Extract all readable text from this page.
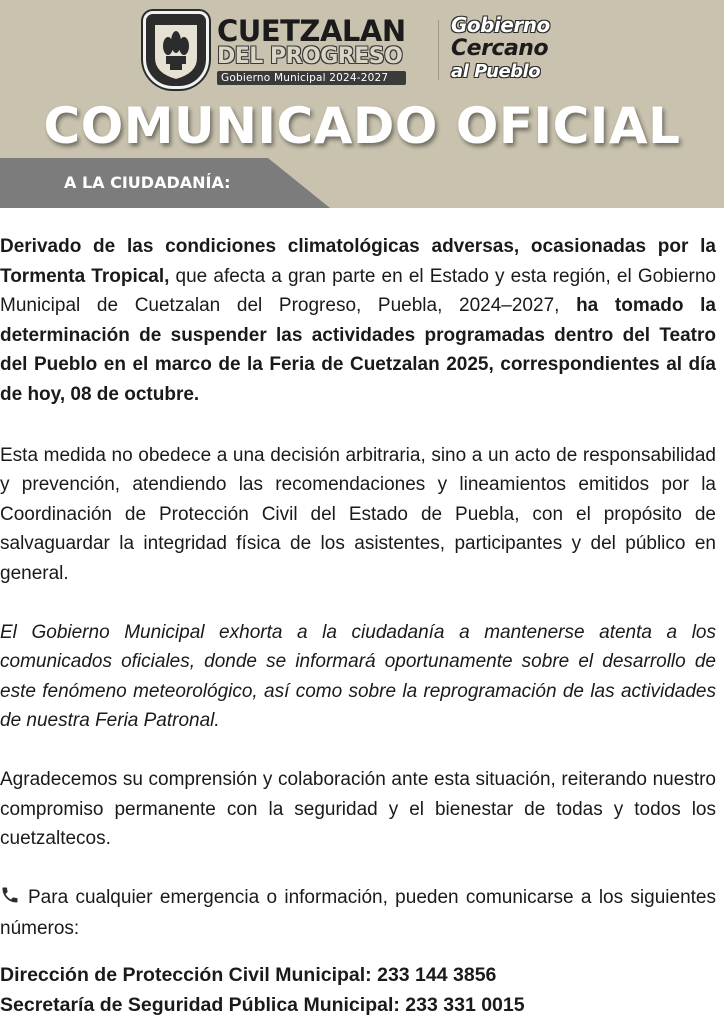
CUETZALAN
DEL PROGRESO
Gobierno Municipal 2024-2027
Gobierno
Cercano
al Pueblo
COMUNICADO OFICIAL
A LA CIUDADANÍA:

Derivado de las condiciones climatológicas adversas, ocasionadas por la Tormenta Tropical, que afecta a gran parte en el Estado y esta región, el Gobierno Municipal de Cuetzalan del Progreso, Puebla, 2024–2027, ha tomado la determinación de suspender las actividades programadas dentro del Teatro del Pueblo en el marco de la Feria de Cuetzalan 2025, correspondientes al día de hoy, 08 de octubre.

Esta medida no obedece a una decisión arbitraria, sino a un acto de responsabilidad y prevención, atendiendo las recomendaciones y lineamientos emitidos por la Coordinación de Protección Civil del Estado de Puebla, con el propósito de salvaguardar la integridad física de los asistentes, participantes y del público en general.

El Gobierno Municipal exhorta a la ciudadanía a mantenerse atenta a los comunicados oficiales, donde se informará oportunamente sobre el desarrollo de este fenómeno meteorológico, así como sobre la reprogramación de las actividades de nuestra Feria Patronal.

Agradecemos su comprensión y colaboración ante esta situación, reiterando nuestro compromiso permanente con la seguridad y el bienestar de todas y todos los cuetzaltecos.

Para cualquier emergencia o información, pueden comunicarse a los siguientes números:

Dirección de Protección Civil Municipal: 233 144 3856
Secretaría de Seguridad Pública Municipal: 233 331 0015
